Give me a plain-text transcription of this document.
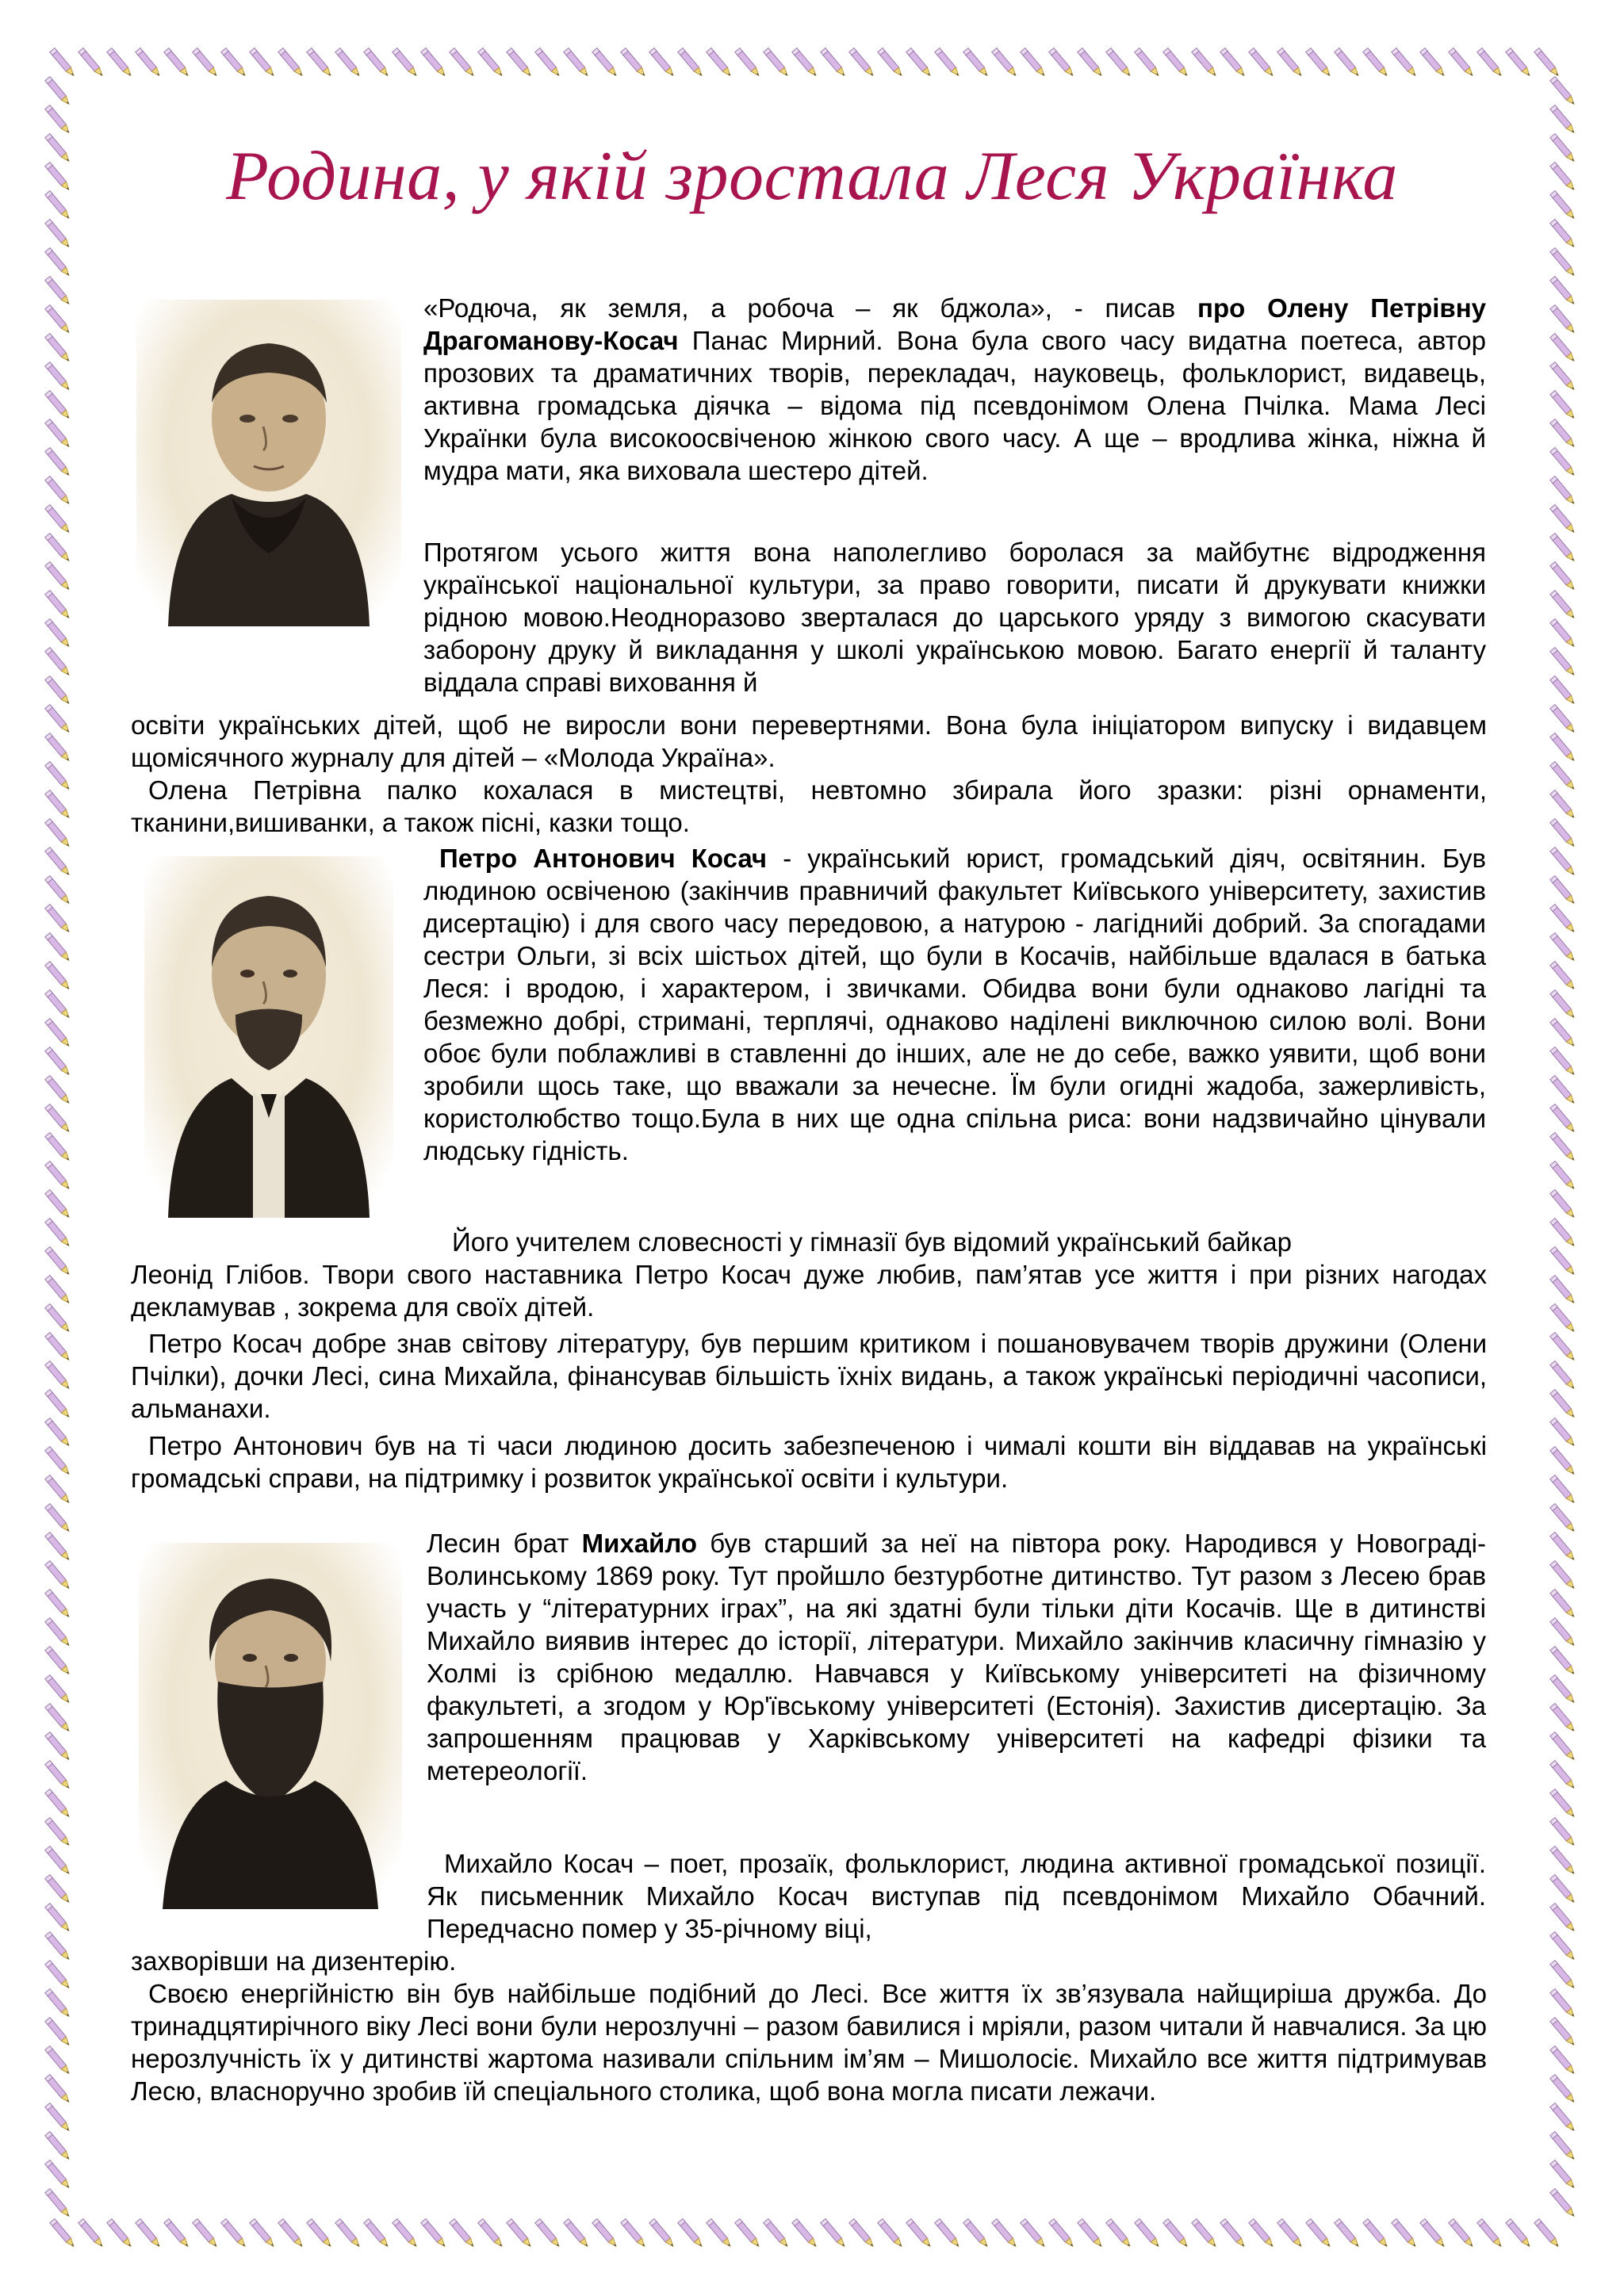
Родина, у якій зростала Леся Українка
«Родюча, як земля, а робоча – як бджола», - писав про Олену Петрівну Драгоманову-Косач Панас Мирний. Вона була свого часу видатна поетеса, автор прозових та драматичних творів, перекладач, науковець, фольклорист, видавець, активна громадська діячка – відома під псевдонімом Олена Пчілка. Мама Лесі Українки була високоосвіченою жінкою свого часу. А ще – вродлива жінка, ніжна й мудра мати, яка виховала шестеро дітей.
Протягом усього життя вона наполегливо боролася за майбутнє відродження української національної культури, за право говорити, писати й друкувати книжки рідною мовою.Неодноразово зверталася до царського уряду з вимогою скасувати заборону друку й викладання у школі українською мовою. Багато енергії й таланту віддала справі виховання й
освіти українських дітей, щоб не виросли вони перевертнями. Вона була ініціатором випуску і видавцем щомісячного журналу для дітей – «Молода Україна».
Олена Петрівна палко кохалася в мистецтві, невтомно збирала його зразки: різні орнаменти, тканини,вишиванки, а також пісні, казки тощо.
Петро Антонович Косач - український юрист, громадський діяч, освітянин. Був людиною освіченою (закінчив правничий факультет Київського університету, захистив дисертацію) і для свого часу передовою, а натурою - лагіднийі добрий. За спогадами сестри Ольги, зі всіх шістьох дітей, що були в Косачів, найбільше вдалася в батька Леся: і вродою, і характером, і звичками. Обидва вони були однаково лагідні та безмежно добрі, стримані, терплячі, однаково наділені виключною силою волі. Вони обоє були поблажливі в ставленні до інших, але не до себе, важко уявити, щоб вони зробили щось таке, що вважали за нечесне. Їм були огидні жадоба, зажерливість, користолюбство тощо.Була в них ще одна спільна риса: вони надзвичайно цінували людську гідність.
Його учителем словесності у гімназії був відомий український байкар
Леонід Глібов. Твори свого наставника Петро Косач дуже любив, пам’ятав усе життя і при різних нагодах декламував , зокрема для своїх дітей.
Петро Косач добре знав світову літературу, був першим критиком і пошановувачем творів дружини (Олени Пчілки), дочки Лесі, сина Михайла, фінансував більшість їхніх видань, а також українські періодичні часописи, альманахи.
Петро Антонович був на ті часи людиною досить забезпеченою і чималі кошти він віддавав на українські громадські справи, на підтримку і розвиток української освіти і культури.
Лесин брат Михайло був старший за неї на півтора року. Народився у Новограді-Волинському 1869 року. Тут пройшло безтурботне дитинство. Тут разом з Лесею брав участь у “літературних іграх”, на які здатні були тільки діти Косачів. Ще в дитинстві Михайло виявив інтерес до історії, літератури. Михайло закінчив класичну гімназію у Холмі із срібною медаллю. Навчався у Київському університеті на фізичному факультеті, а згодом у Юр'ївському університеті (Естонія). Захистив дисертацію. За запрошенням працював у Харківському університеті на кафедрі фізики та метереології.
Михайло Косач – поет, прозаїк, фольклорист, людина активної громадської позиції. Як письменник Михайло Косач виступав під псевдонімом Михайло Обачний. Передчасно помер у 35-річному віці,
захворівши на дизентерію.
Своєю енергійністю він був найбільше подібний до Лесі. Все життя їх зв’язувала найщиріша дружба. До тринадцятирічного віку Лесі вони були нерозлучні – разом бавилися і мріяли, разом читали й навчалися. За цю нерозлучність їх у дитинстві жартома називали спільним ім’ям – Мишолосіє. Михайло все життя підтримував Лесю, власноручно зробив їй спеціального столика, щоб вона могла писати лежачи.
